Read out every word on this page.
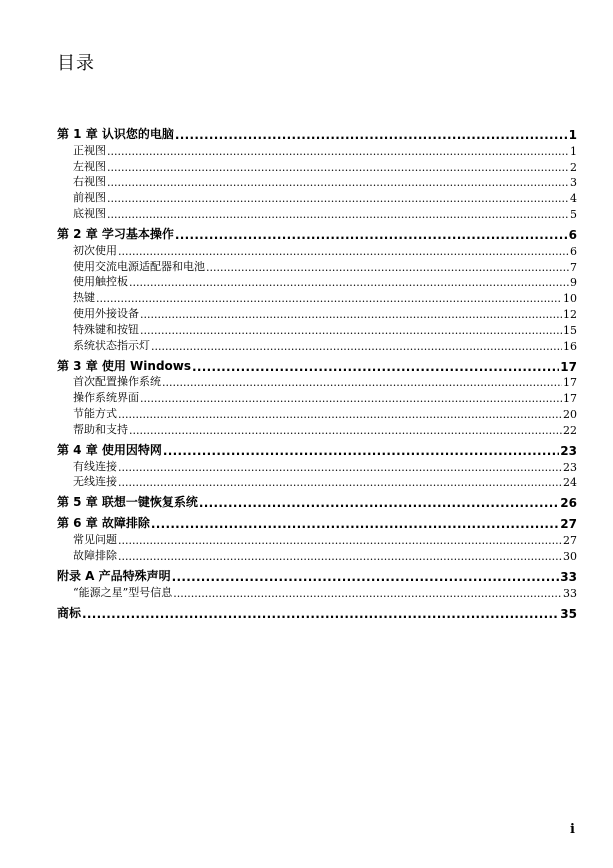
目录
第 1 章 认识您的电脑 .....	1
正视图 .....	1
左视图 .....	2
右视图 .....	3
前视图 .....	4
底视图 .....	5
第 2 章 学习基本操作 .....	6
初次使用 .....	6
使用交流电源适配器和电池 .....	7
使用触控板 .....	9
热键 .....	10
使用外接设备 .....	12
特殊键和按钮 .....	15
系统状态指示灯 .....	16
第 3 章 使用 Windows .....	17
首次配置操作系统 .....	17
操作系统界面 .....	17
节能方式 .....	20
帮助和支持 .....	22
第 4 章 使用因特网 .....	23
有线连接 .....	23
无线连接 .....	24
第 5 章 联想一键恢复系统 .....	26
第 6 章 故障排除 .....	27
常见问题 .....	27
故障排除 .....	30
附录 A 产品特殊声明 .....	33
“能源之星”型号信息 .....	33
商标 .....	35
i
